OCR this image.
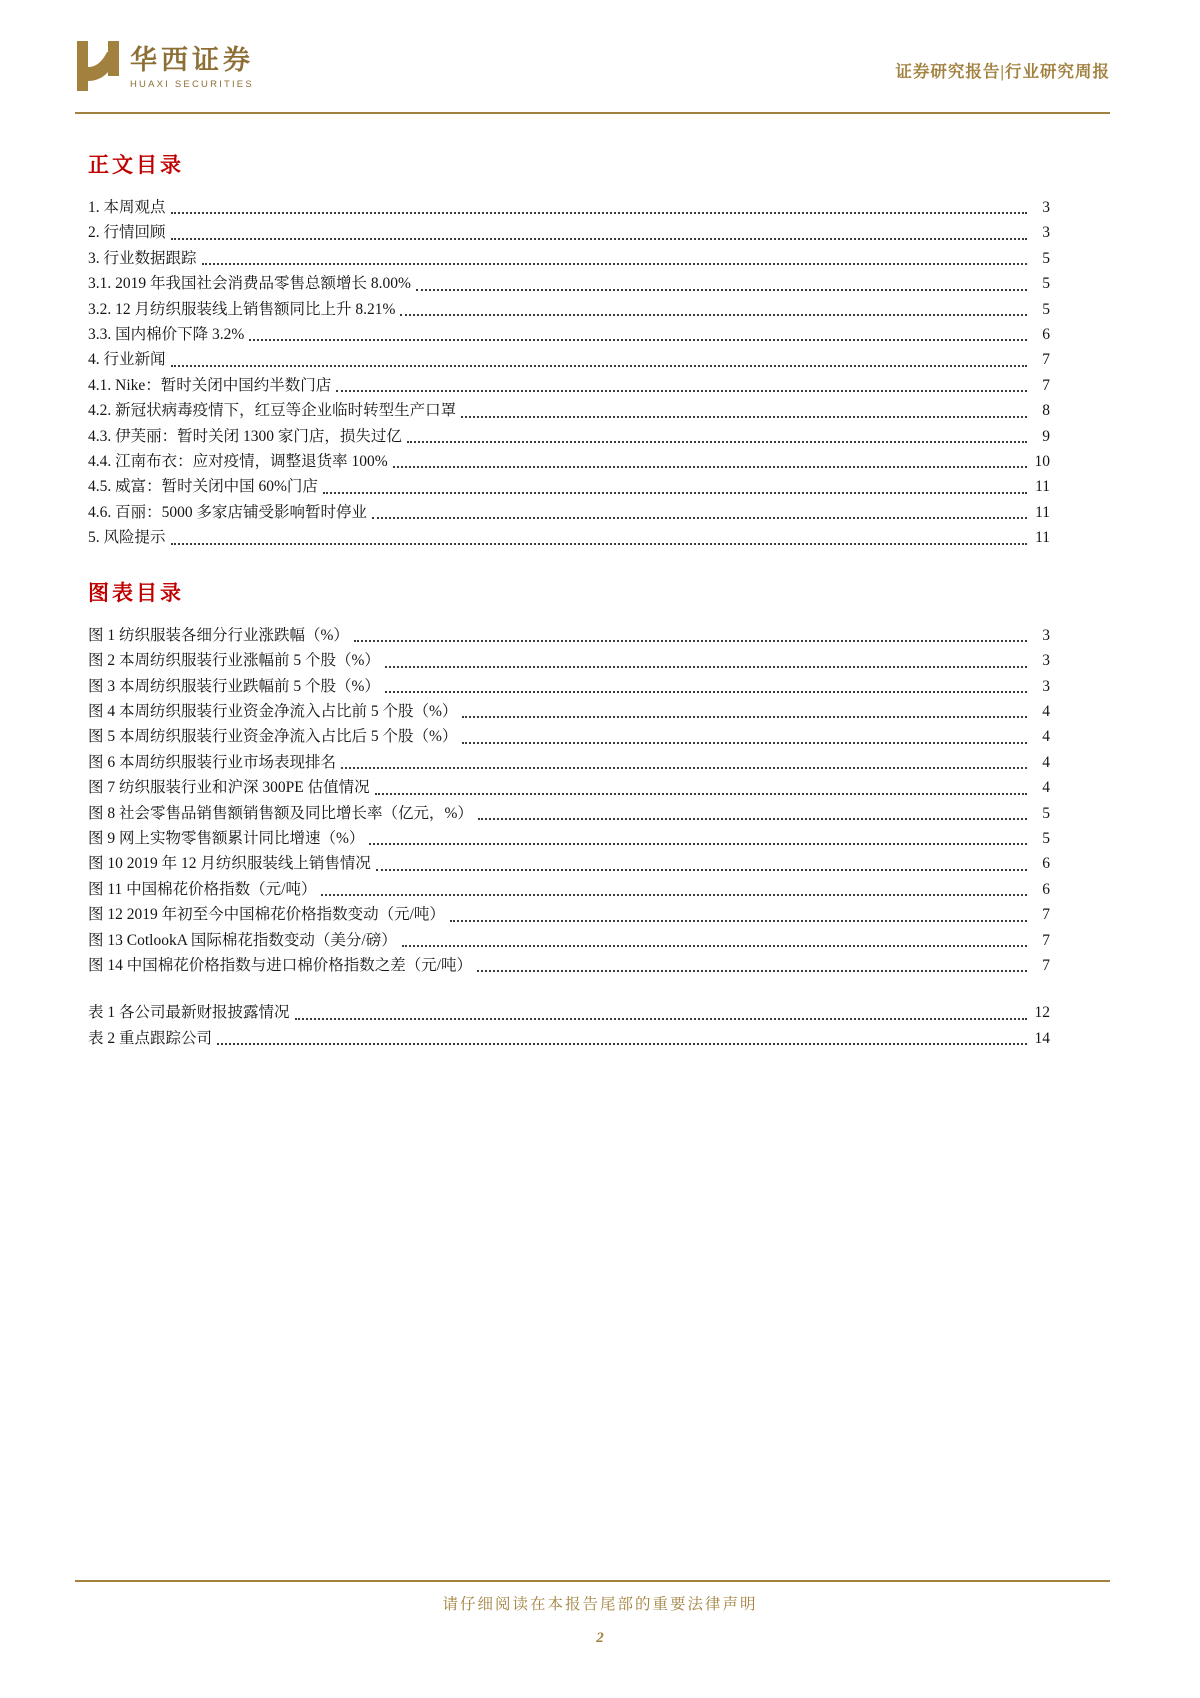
华西证券
HUAXI SECURITIES
证券研究报告|行业研究周报
正文目录
1. 本周观点	3
2. 行情回顾	3
3. 行业数据跟踪	5
3.1. 2019 年我国社会消费品零售总额增长 8.00%	5
3.2. 12 月纺织服装线上销售额同比上升 8.21%	5
3.3. 国内棉价下降 3.2%	6
4. 行业新闻	7
4.1. Nike：暂时关闭中国约半数门店	7
4.2. 新冠状病毒疫情下，红豆等企业临时转型生产口罩	8
4.3. 伊芙丽：暂时关闭 1300 家门店，损失过亿	9
4.4. 江南布衣：应对疫情，调整退货率 100%	10
4.5. 威富：暂时关闭中国 60%门店	11
4.6. 百丽：5000 多家店铺受影响暂时停业	11
5. 风险提示	11
图表目录
图 1 纺织服装各细分行业涨跌幅（%）	3
图 2 本周纺织服装行业涨幅前 5 个股（%）	3
图 3 本周纺织服装行业跌幅前 5 个股（%）	3
图 4 本周纺织服装行业资金净流入占比前 5 个股（%）	4
图 5 本周纺织服装行业资金净流入占比后 5 个股（%）	4
图 6 本周纺织服装行业市场表现排名	4
图 7 纺织服装行业和沪深 300PE 估值情况	4
图 8 社会零售品销售额销售额及同比增长率（亿元，%）	5
图 9 网上实物零售额累计同比增速（%）	5
图 10 2019 年 12 月纺织服装线上销售情况	6
图 11 中国棉花价格指数（元/吨）	6
图 12 2019 年初至今中国棉花价格指数变动（元/吨）	7
图 13 CotlookA 国际棉花指数变动（美分/磅）	7
图 14 中国棉花价格指数与进口棉价格指数之差（元/吨）	7
表 1 各公司最新财报披露情况	12
表 2 重点跟踪公司	14
请仔细阅读在本报告尾部的重要法律声明
2
